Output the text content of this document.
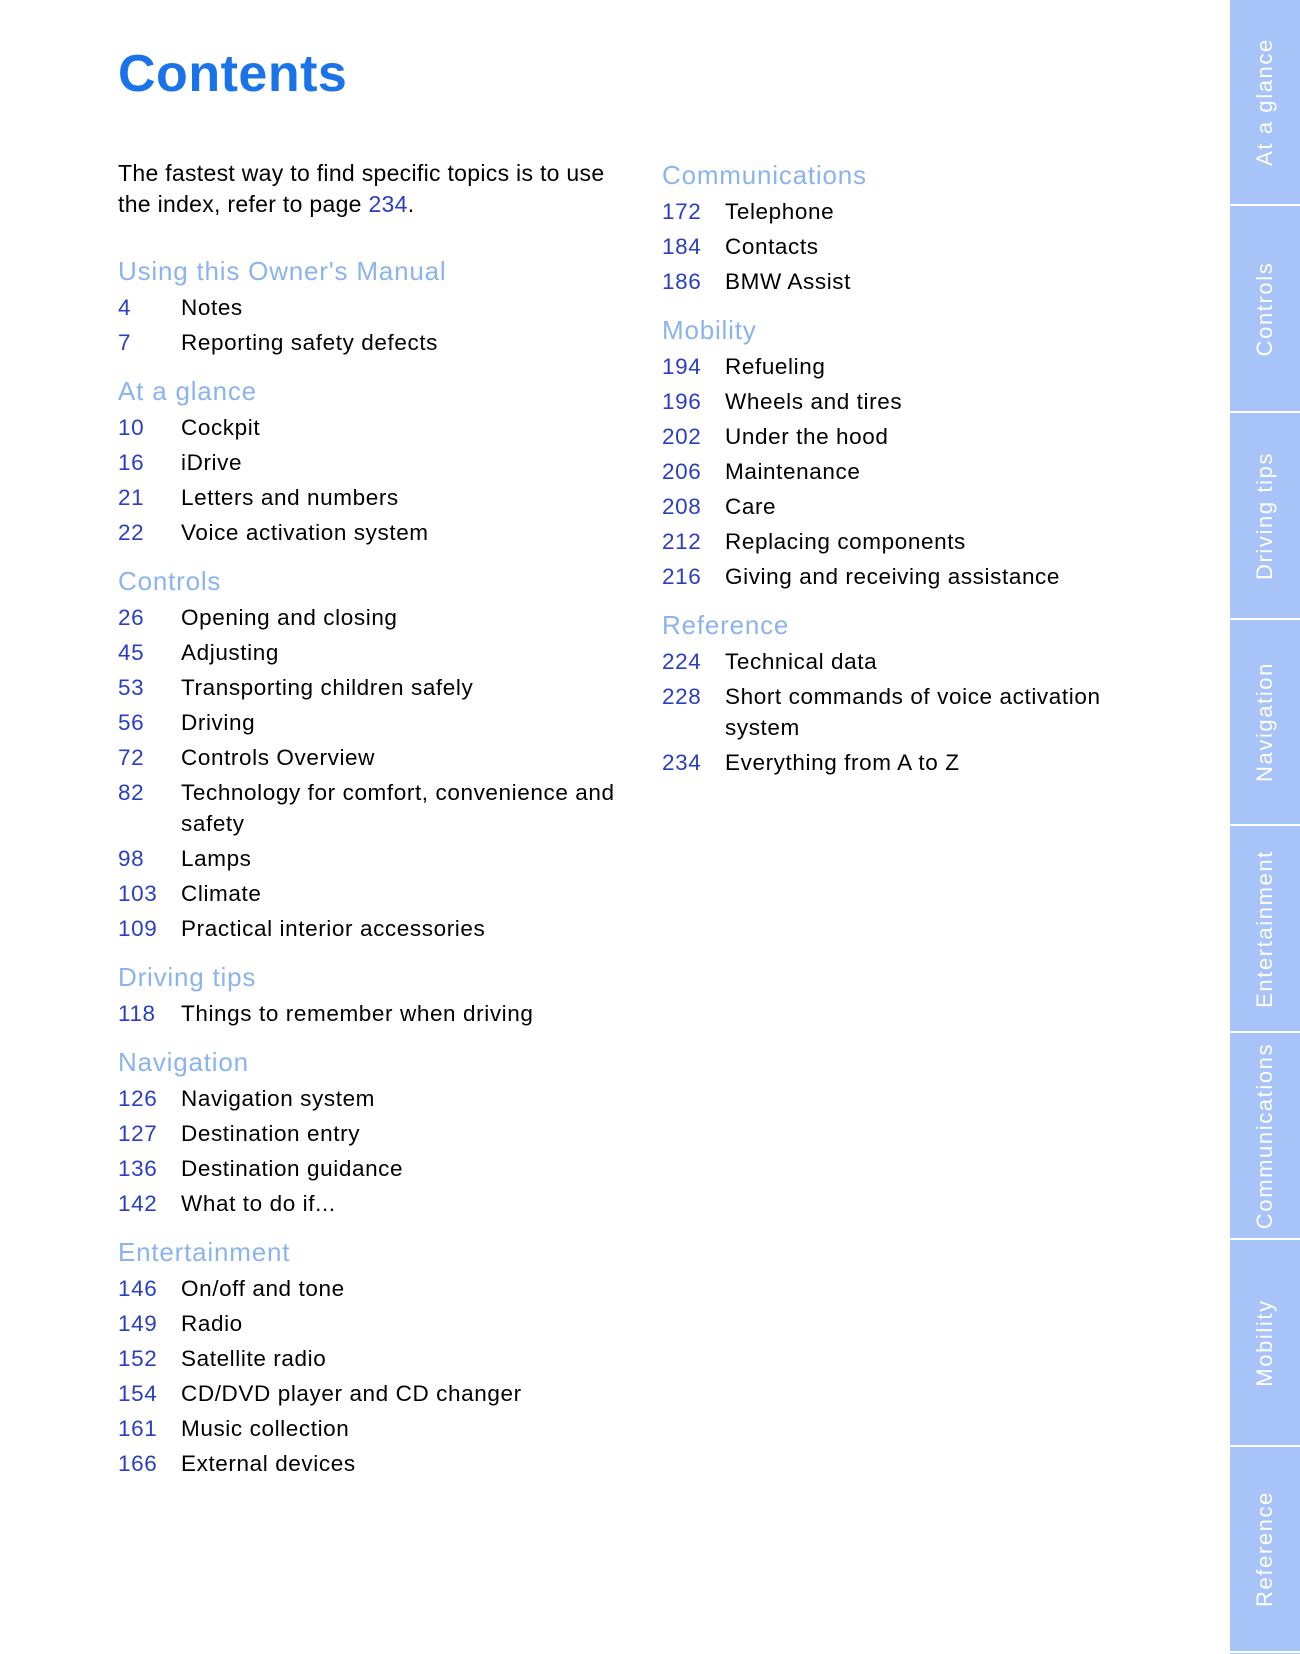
Contents

The fastest way to find specific topics is to use the index, refer to page 234.

Using this Owner's Manual
4	Notes
7	Reporting safety defects
At a glance
10	Cockpit
16	iDrive
21	Letters and numbers
22	Voice activation system
Controls
26	Opening and closing
45	Adjusting
53	Transporting children safely
56	Driving
72	Controls Overview
82	Technology for comfort, convenience and safety
98	Lamps
103	Climate
109	Practical interior accessories
Driving tips
118	Things to remember when driving
Navigation
126	Navigation system
127	Destination entry
136	Destination guidance
142	What to do if...
Entertainment
146	On/off and tone
149	Radio
152	Satellite radio
154	CD/DVD player and CD changer
161	Music collection
166	External devices
Communications
172	Telephone
184	Contacts
186	BMW Assist
Mobility
194	Refueling
196	Wheels and tires
202	Under the hood
206	Maintenance
208	Care
212	Replacing components
216	Giving and receiving assistance
Reference
224	Technical data
228	Short commands of voice activation system
234	Everything from A to Z
At a glance
Controls
Driving tips
Navigation
Entertainment
Communications
Mobility
Reference
